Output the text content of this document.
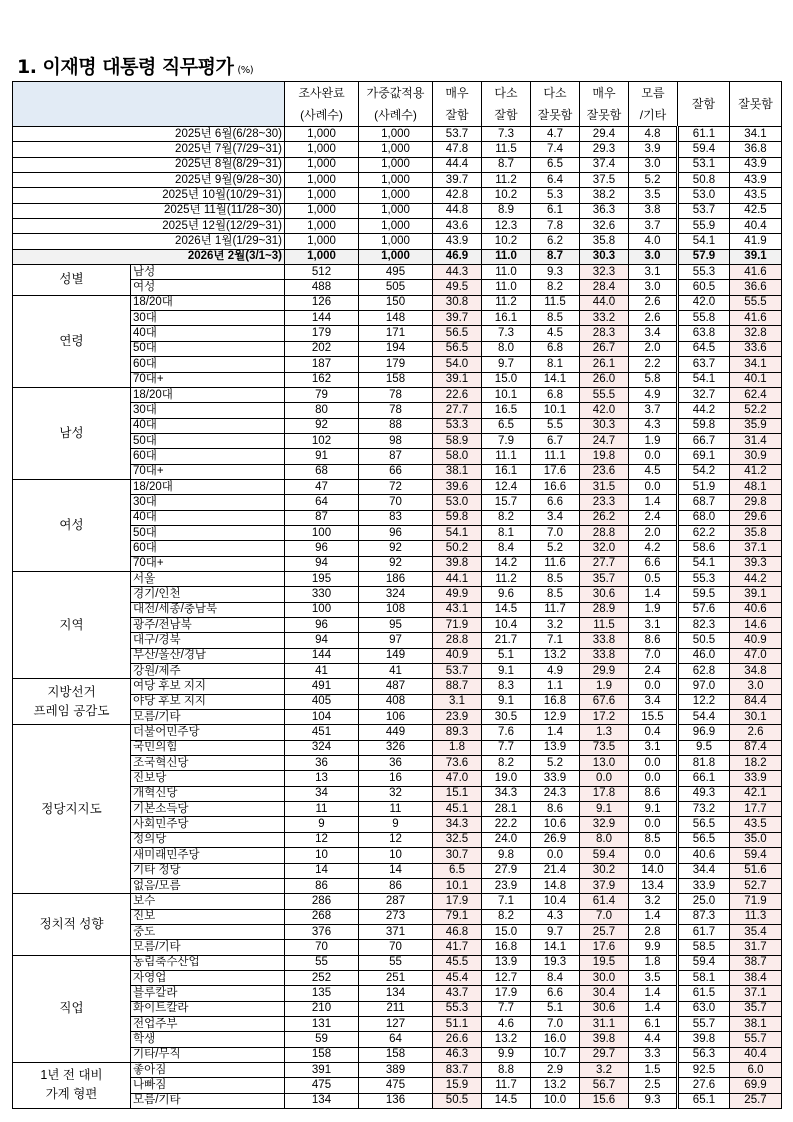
1. 이재명 대통령 직무평가 (%)
		조사완료	가중값적용	매우	다소	다소	매우	모름	잘함	잘못함
		(사례수)	(사례수)	잘함	잘함	잘못함	잘못함	/기타		
2025년 6월(6/28~30)		1,000	1,000	53.7	7.3	4.7	29.4	4.8	61.1	34.1
2025년 7월(7/29~31)		1,000	1,000	47.8	11.5	7.4	29.3	3.9	59.4	36.8
2025년 8월(8/29~31)		1,000	1,000	44.4	8.7	6.5	37.4	3.0	53.1	43.9
2025년 9월(9/28~30)		1,000	1,000	39.7	11.2	6.4	37.5	5.2	50.8	43.9
2025년 10월(10/29~31)		1,000	1,000	42.8	10.2	5.3	38.2	3.5	53.0	43.5
2025년 11월(11/28~30)		1,000	1,000	44.8	8.9	6.1	36.3	3.8	53.7	42.5
2025년 12월(12/29~31)		1,000	1,000	43.6	12.3	7.8	32.6	3.7	55.9	40.4
2026년 1월(1/29~31)		1,000	1,000	43.9	10.2	6.2	35.8	4.0	54.1	41.9
2026년 2월(3/1~3)		1,000	1,000	46.9	11.0	8.7	30.3	3.0	57.9	39.1

성별	남성	512	495	44.3	11.0	9.3	32.3	3.1	55.3	41.6
	여성	488	505	49.5	11.0	8.2	28.4	3.0	60.5	36.6

연령	18/20대	126	150	30.8	11.2	11.5	44.0	2.6	42.0	55.5
	30대	144	148	39.7	16.1	8.5	33.2	2.6	55.8	41.6
	40대	179	171	56.5	7.3	4.5	28.3	3.4	63.8	32.8
	50대	202	194	56.5	8.0	6.8	26.7	2.0	64.5	33.6
	60대	187	179	54.0	9.7	8.1	26.1	2.2	63.7	34.1
	70대+	162	158	39.1	15.0	14.1	26.0	5.8	54.1	40.1

남성	18/20대	79	78	22.6	10.1	6.8	55.5	4.9	32.7	62.4
	30대	80	78	27.7	16.5	10.1	42.0	3.7	44.2	52.2
	40대	92	88	53.3	6.5	5.5	30.3	4.3	59.8	35.9
	50대	102	98	58.9	7.9	6.7	24.7	1.9	66.7	31.4
	60대	91	87	58.0	11.1	11.1	19.8	0.0	69.1	30.9
	70대+	68	66	38.1	16.1	17.6	23.6	4.5	54.2	41.2

여성	18/20대	47	72	39.6	12.4	16.6	31.5	0.0	51.9	48.1
	30대	64	70	53.0	15.7	6.6	23.3	1.4	68.7	29.8
	40대	87	83	59.8	8.2	3.4	26.2	2.4	68.0	29.6
	50대	100	96	54.1	8.1	7.0	28.8	2.0	62.2	35.8
	60대	96	92	50.2	8.4	5.2	32.0	4.2	58.6	37.1
	70대+	94	92	39.8	14.2	11.6	27.7	6.6	54.1	39.3

지역	서울	195	186	44.1	11.2	8.5	35.7	0.5	55.3	44.2
	경기/인천	330	324	49.9	9.6	8.5	30.6	1.4	59.5	39.1
	대전/세종/충남북	100	108	43.1	14.5	11.7	28.9	1.9	57.6	40.6
	광주/전남북	96	95	71.9	10.4	3.2	11.5	3.1	82.3	14.6
	대구/경북	94	97	28.8	21.7	7.1	33.8	8.6	50.5	40.9
	부산/울산/경남	144	149	40.9	5.1	13.2	33.8	7.0	46.0	47.0
	강원/제주	41	41	53.7	9.1	4.9	29.9	2.4	62.8	34.8

지방선거
프레임 공감도	여당 후보 지지	491	487	88.7	8.3	1.1	1.9	0.0	97.0	3.0
	야당 후보 지지	405	408	3.1	9.1	16.8	67.6	3.4	12.2	84.4
	모름/기타	104	106	23.9	30.5	12.9	17.2	15.5	54.4	30.1

정당지지도	더불어민주당	451	449	89.3	7.6	1.4	1.3	0.4	96.9	2.6
	국민의힘	324	326	1.8	7.7	13.9	73.5	3.1	9.5	87.4
	조국혁신당	36	36	73.6	8.2	5.2	13.0	0.0	81.8	18.2
	진보당	13	16	47.0	19.0	33.9	0.0	0.0	66.1	33.9
	개혁신당	34	32	15.1	34.3	24.3	17.8	8.6	49.3	42.1
	기본소득당	11	11	45.1	28.1	8.6	9.1	9.1	73.2	17.7
	사회민주당	9	9	34.3	22.2	10.6	32.9	0.0	56.5	43.5
	정의당	12	12	32.5	24.0	26.9	8.0	8.5	56.5	35.0
	새미래민주당	10	10	30.7	9.8	0.0	59.4	0.0	40.6	59.4
	기타 정당	14	14	6.5	27.9	21.4	30.2	14.0	34.4	51.6
	없음/모름	86	86	10.1	23.9	14.8	37.9	13.4	33.9	52.7

정치적 성향	보수	286	287	17.9	7.1	10.4	61.4	3.2	25.0	71.9
	진보	268	273	79.1	8.2	4.3	7.0	1.4	87.3	11.3
	중도	376	371	46.8	15.0	9.7	25.7	2.8	61.7	35.4
	모름/기타	70	70	41.7	16.8	14.1	17.6	9.9	58.5	31.7

직업	농림축수산업	55	55	45.5	13.9	19.3	19.5	1.8	59.4	38.7
	자영업	252	251	45.4	12.7	8.4	30.0	3.5	58.1	38.4
	블루칼라	135	134	43.7	17.9	6.6	30.4	1.4	61.5	37.1
	화이트칼라	210	211	55.3	7.7	5.1	30.6	1.4	63.0	35.7
	전업주부	131	127	51.1	4.6	7.0	31.1	6.1	55.7	38.1
	학생	59	64	26.6	13.2	16.0	39.8	4.4	39.8	55.7
	기타/무직	158	158	46.3	9.9	10.7	29.7	3.3	56.3	40.4

1년 전 대비
가계 형편	좋아짐	391	389	83.7	8.8	2.9	3.2	1.5	92.5	6.0
	나빠짐	475	475	15.9	11.7	13.2	56.7	2.5	27.6	69.9
	모름/기타	134	136	50.5	14.5	10.0	15.6	9.3	65.1	25.7
